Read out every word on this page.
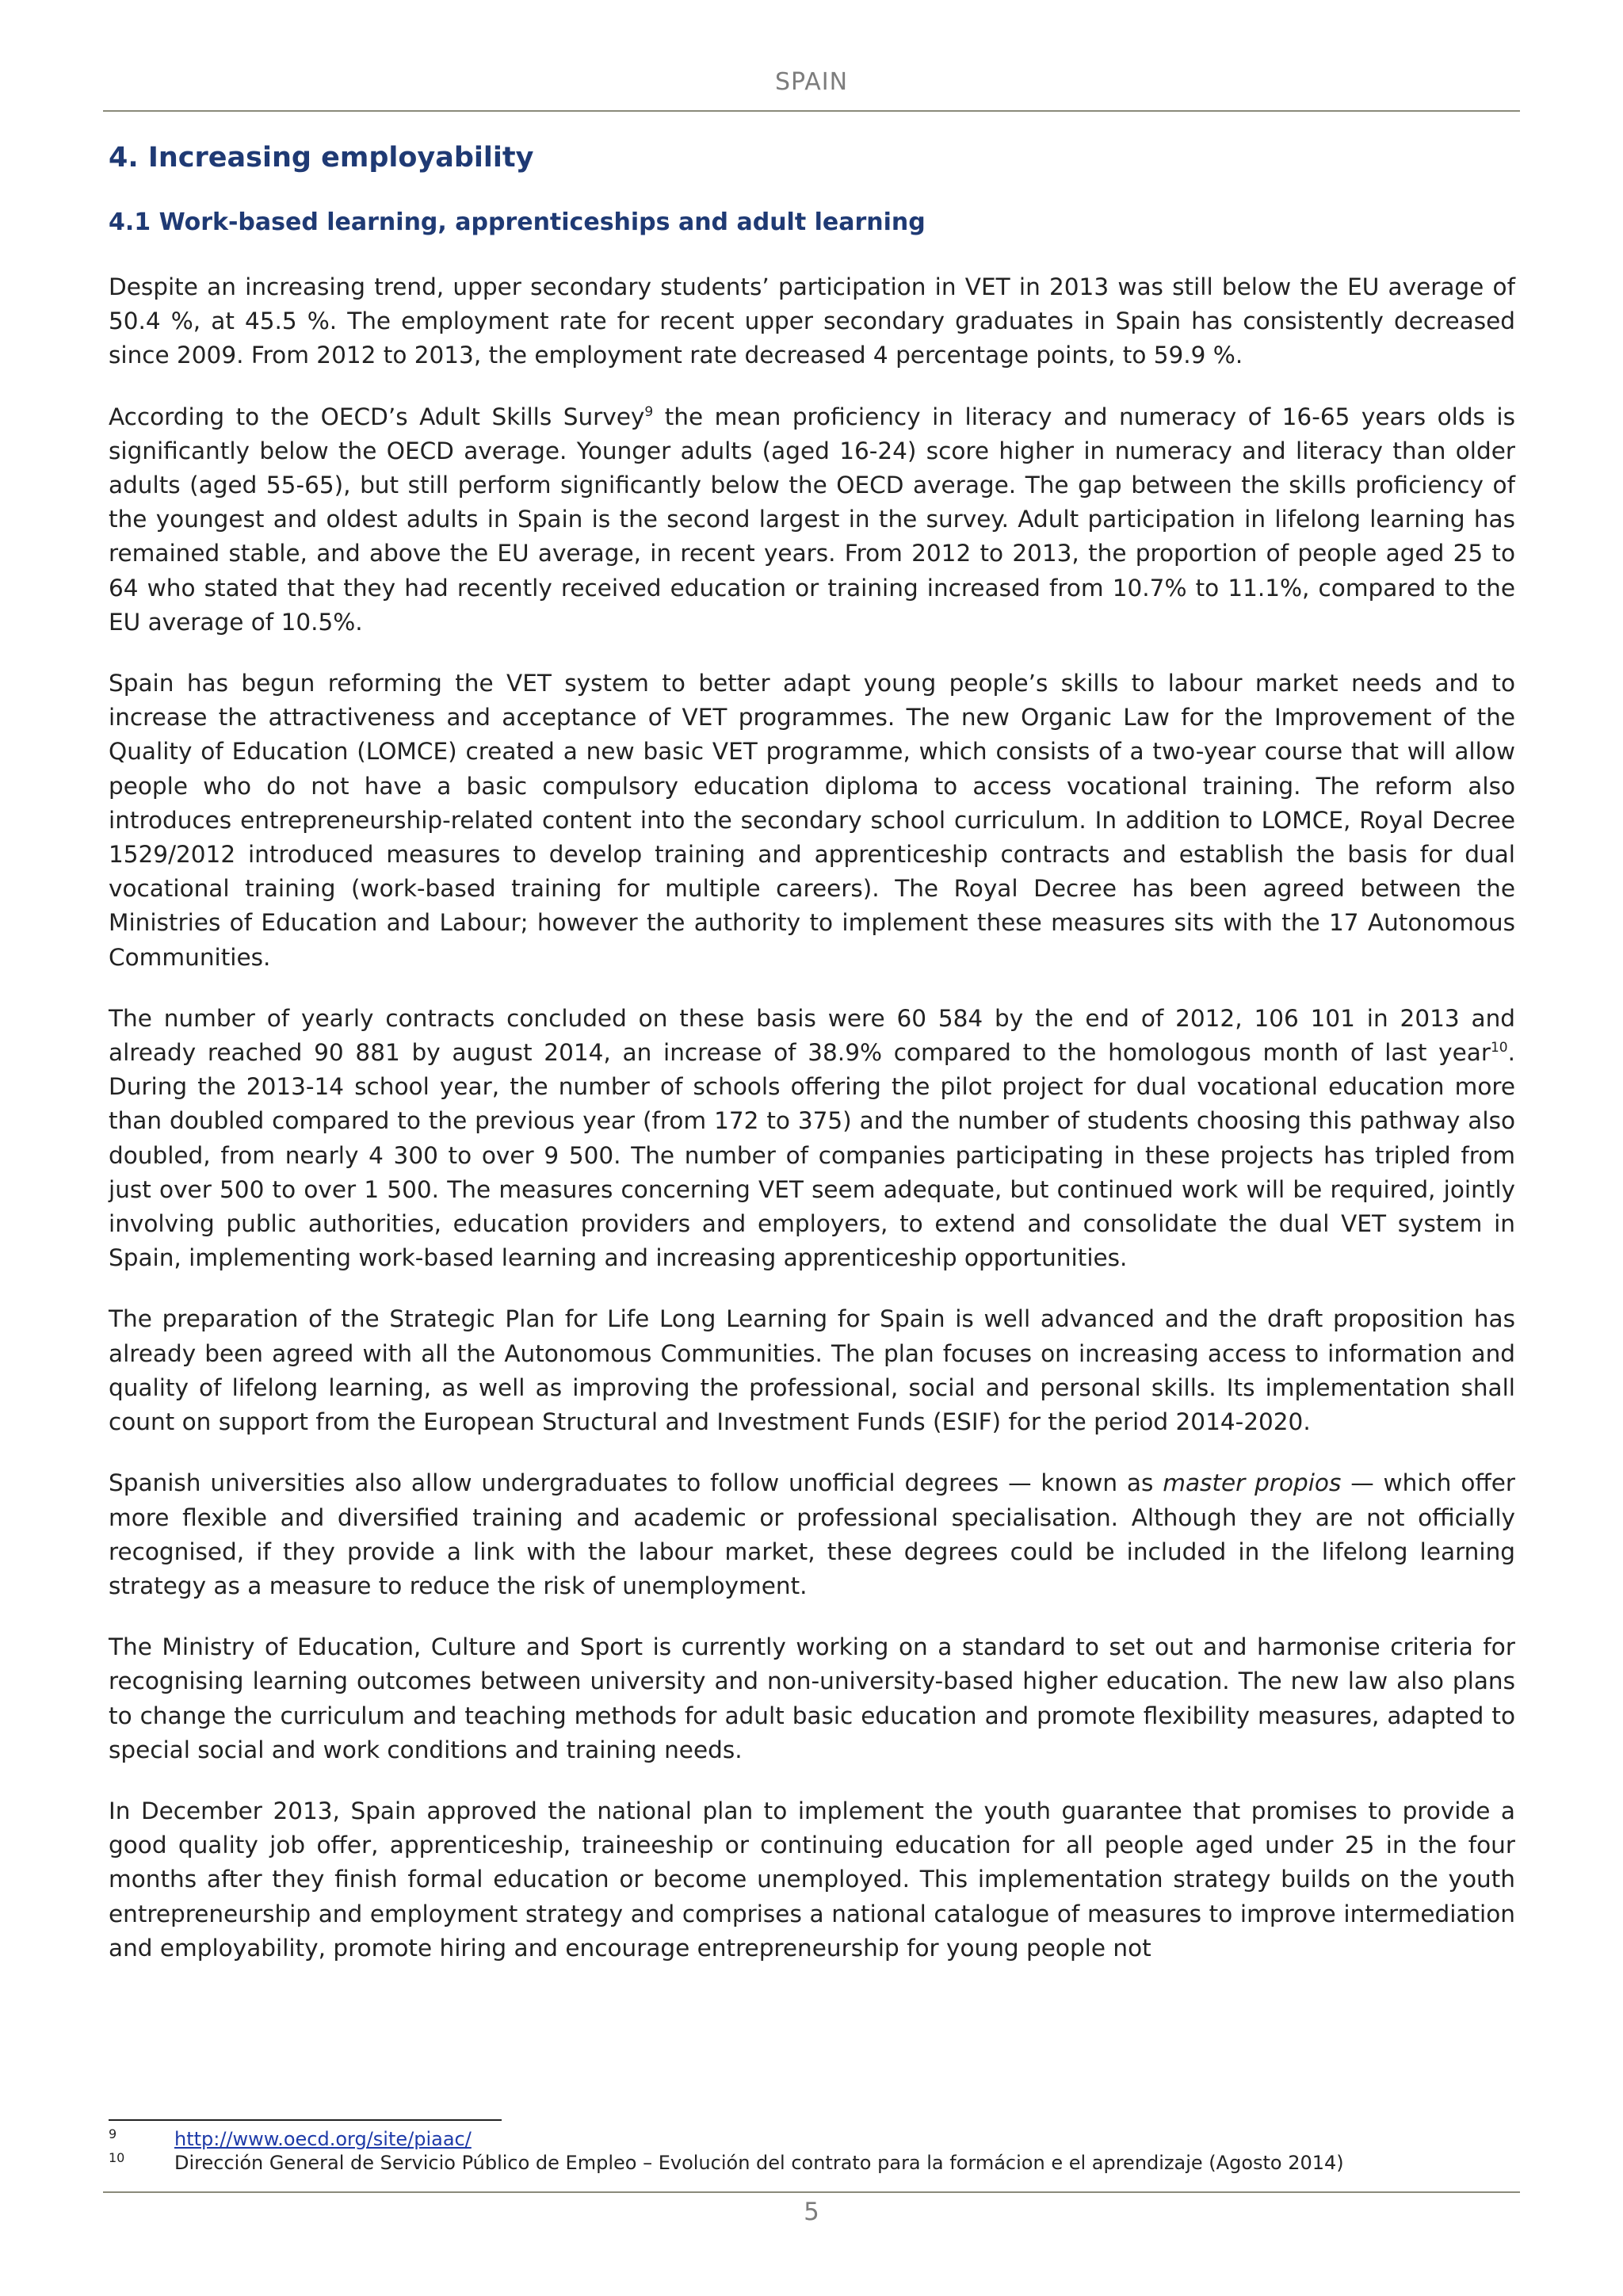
SPAIN
4. Increasing employability
4.1 Work-based learning, apprenticeships and adult learning

Despite an increasing trend, upper secondary students’ participation in VET in 2013 was still below the EU average of 50.4 %, at 45.5 %. The employment rate for recent upper secondary graduates in Spain has consistently decreased since 2009. From 2012 to 2013, the employment rate decreased 4 percentage points, to 59.9 %.

According to the OECD’s Adult Skills Survey$^9$ the mean proficiency in literacy and numeracy of 16-65 years olds is significantly below the OECD average. Younger adults (aged 16-24) score higher in numeracy and literacy than older adults (aged 55-65), but still perform significantly below the OECD average. The gap between the skills proficiency of the youngest and oldest adults in Spain is the second largest in the survey. Adult participation in lifelong learning has remained stable, and above the EU average, in recent years. From 2012 to 2013, the proportion of people aged 25 to 64 who stated that they had recently received education or training increased from 10.7% to 11.1%, compared to the EU average of 10.5%.

Spain has begun reforming the VET system to better adapt young people’s skills to labour market needs and to increase the attractiveness and acceptance of VET programmes. The new Organic Law for the Improvement of the Quality of Education (LOMCE) created a new basic VET programme, which consists of a two-year course that will allow people who do not have a basic compulsory education diploma to access vocational training. The reform also introduces entrepreneurship-related content into the secondary school curriculum. In addition to LOMCE, Royal Decree 1529/2012 introduced measures to develop training and apprenticeship contracts and establish the basis for dual vocational training (work-based training for multiple careers). The Royal Decree has been agreed between the Ministries of Education and Labour; however the authority to implement these measures sits with the 17 Autonomous Communities.

The number of yearly contracts concluded on these basis were 60 584 by the end of 2012, 106 101 in 2013 and already reached 90 881 by august 2014, an increase of 38.9% compared to the homologous month of last year$^{10}$. During the 2013-14 school year, the number of schools offering the pilot project for dual vocational education more than doubled compared to the previous year (from 172 to 375) and the number of students choosing this pathway also doubled, from nearly 4 300 to over 9 500. The number of companies participating in these projects has tripled from just over 500 to over 1 500. The measures concerning VET seem adequate, but continued work will be required, jointly involving public authorities, education providers and employers, to extend and consolidate the dual VET system in Spain, implementing work-based learning and increasing apprenticeship opportunities.

The preparation of the Strategic Plan for Life Long Learning for Spain is well advanced and the draft proposition has already been agreed with all the Autonomous Communities. The plan focuses on increasing access to information and quality of lifelong learning, as well as improving the professional, social and personal skills. Its implementation shall count on support from the European Structural and Investment Funds (ESIF) for the period 2014-2020.

Spanish universities also allow undergraduates to follow unofficial degrees — known as master propios — which offer more flexible and diversified training and academic or professional specialisation. Although they are not officially recognised, if they provide a link with the labour market, these degrees could be included in the lifelong learning strategy as a measure to reduce the risk of unemployment.

The Ministry of Education, Culture and Sport is currently working on a standard to set out and harmonise criteria for recognising learning outcomes between university and non-university-based higher education. The new law also plans to change the curriculum and teaching methods for adult basic education and promote flexibility measures, adapted to special social and work conditions and training needs.

In December 2013, Spain approved the national plan to implement the youth guarantee that promises to provide a good quality job offer, apprenticeship, traineeship or continuing education for all people aged under 25 in the four months after they finish formal education or become unemployed. This implementation strategy builds on the youth entrepreneurship and employment strategy and comprises a national catalogue of measures to improve intermediation and employability, promote hiring and encourage entrepreneurship for young people not

9	http://www.oecd.org/site/piaac/
10	Dirección General de Servicio Público de Empleo – Evolución del contrato para la formácion e el aprendizaje (Agosto 2014)
5
